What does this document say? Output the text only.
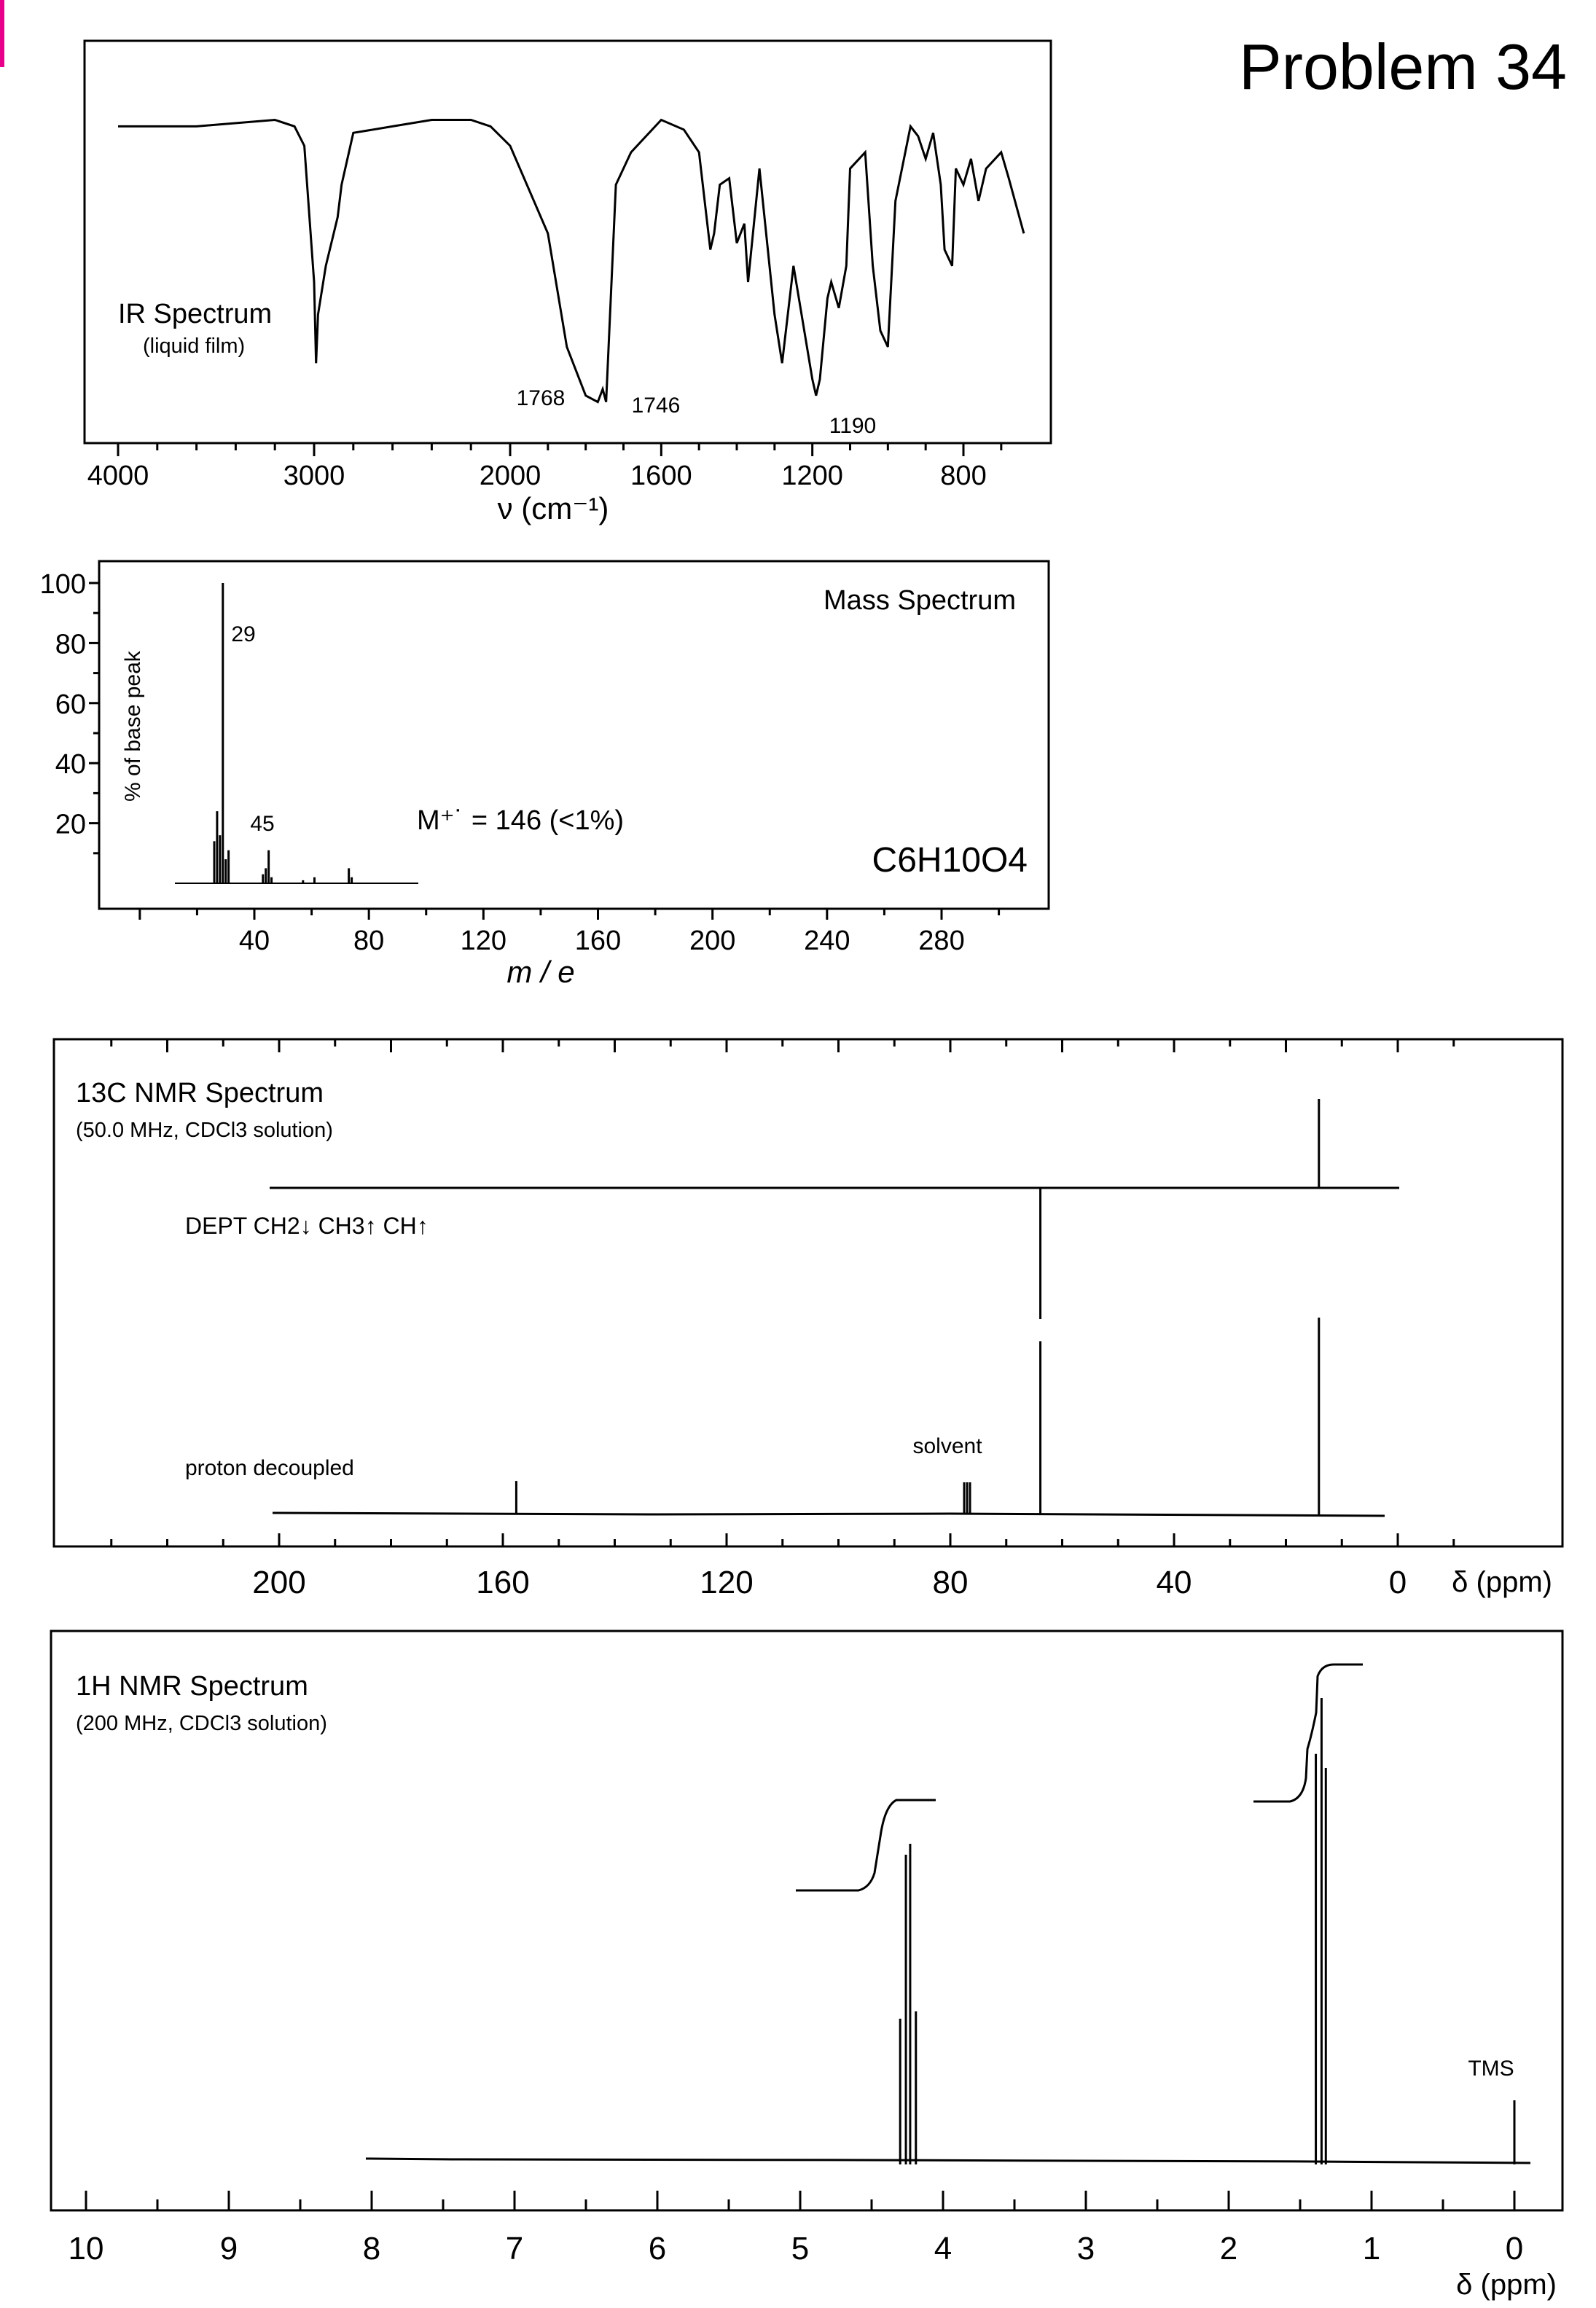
Problem 34
IR Spectrum
(liquid film)
ν (cm⁻¹)
Mass Spectrum
% of base peak
m / e
M⁺˙ = 146 (<1%)
C6H10O4
13C NMR Spectrum
(50.0 MHz, CDCl3 solution)
DEPT CH2↓ CH3↑ CH↑
proton decoupled
solvent
δ (ppm)
1H NMR Spectrum
(200 MHz, CDCl3 solution)
TMS
δ (ppm)
4000	3000	2000	1600	1200	800
1768	1746
1190
100
80
60
40
20
40	80	120 160 200 240 280
29
45
200	160	120	80	40	0
10	9	8	7	6	5	4	3	2	1	0
